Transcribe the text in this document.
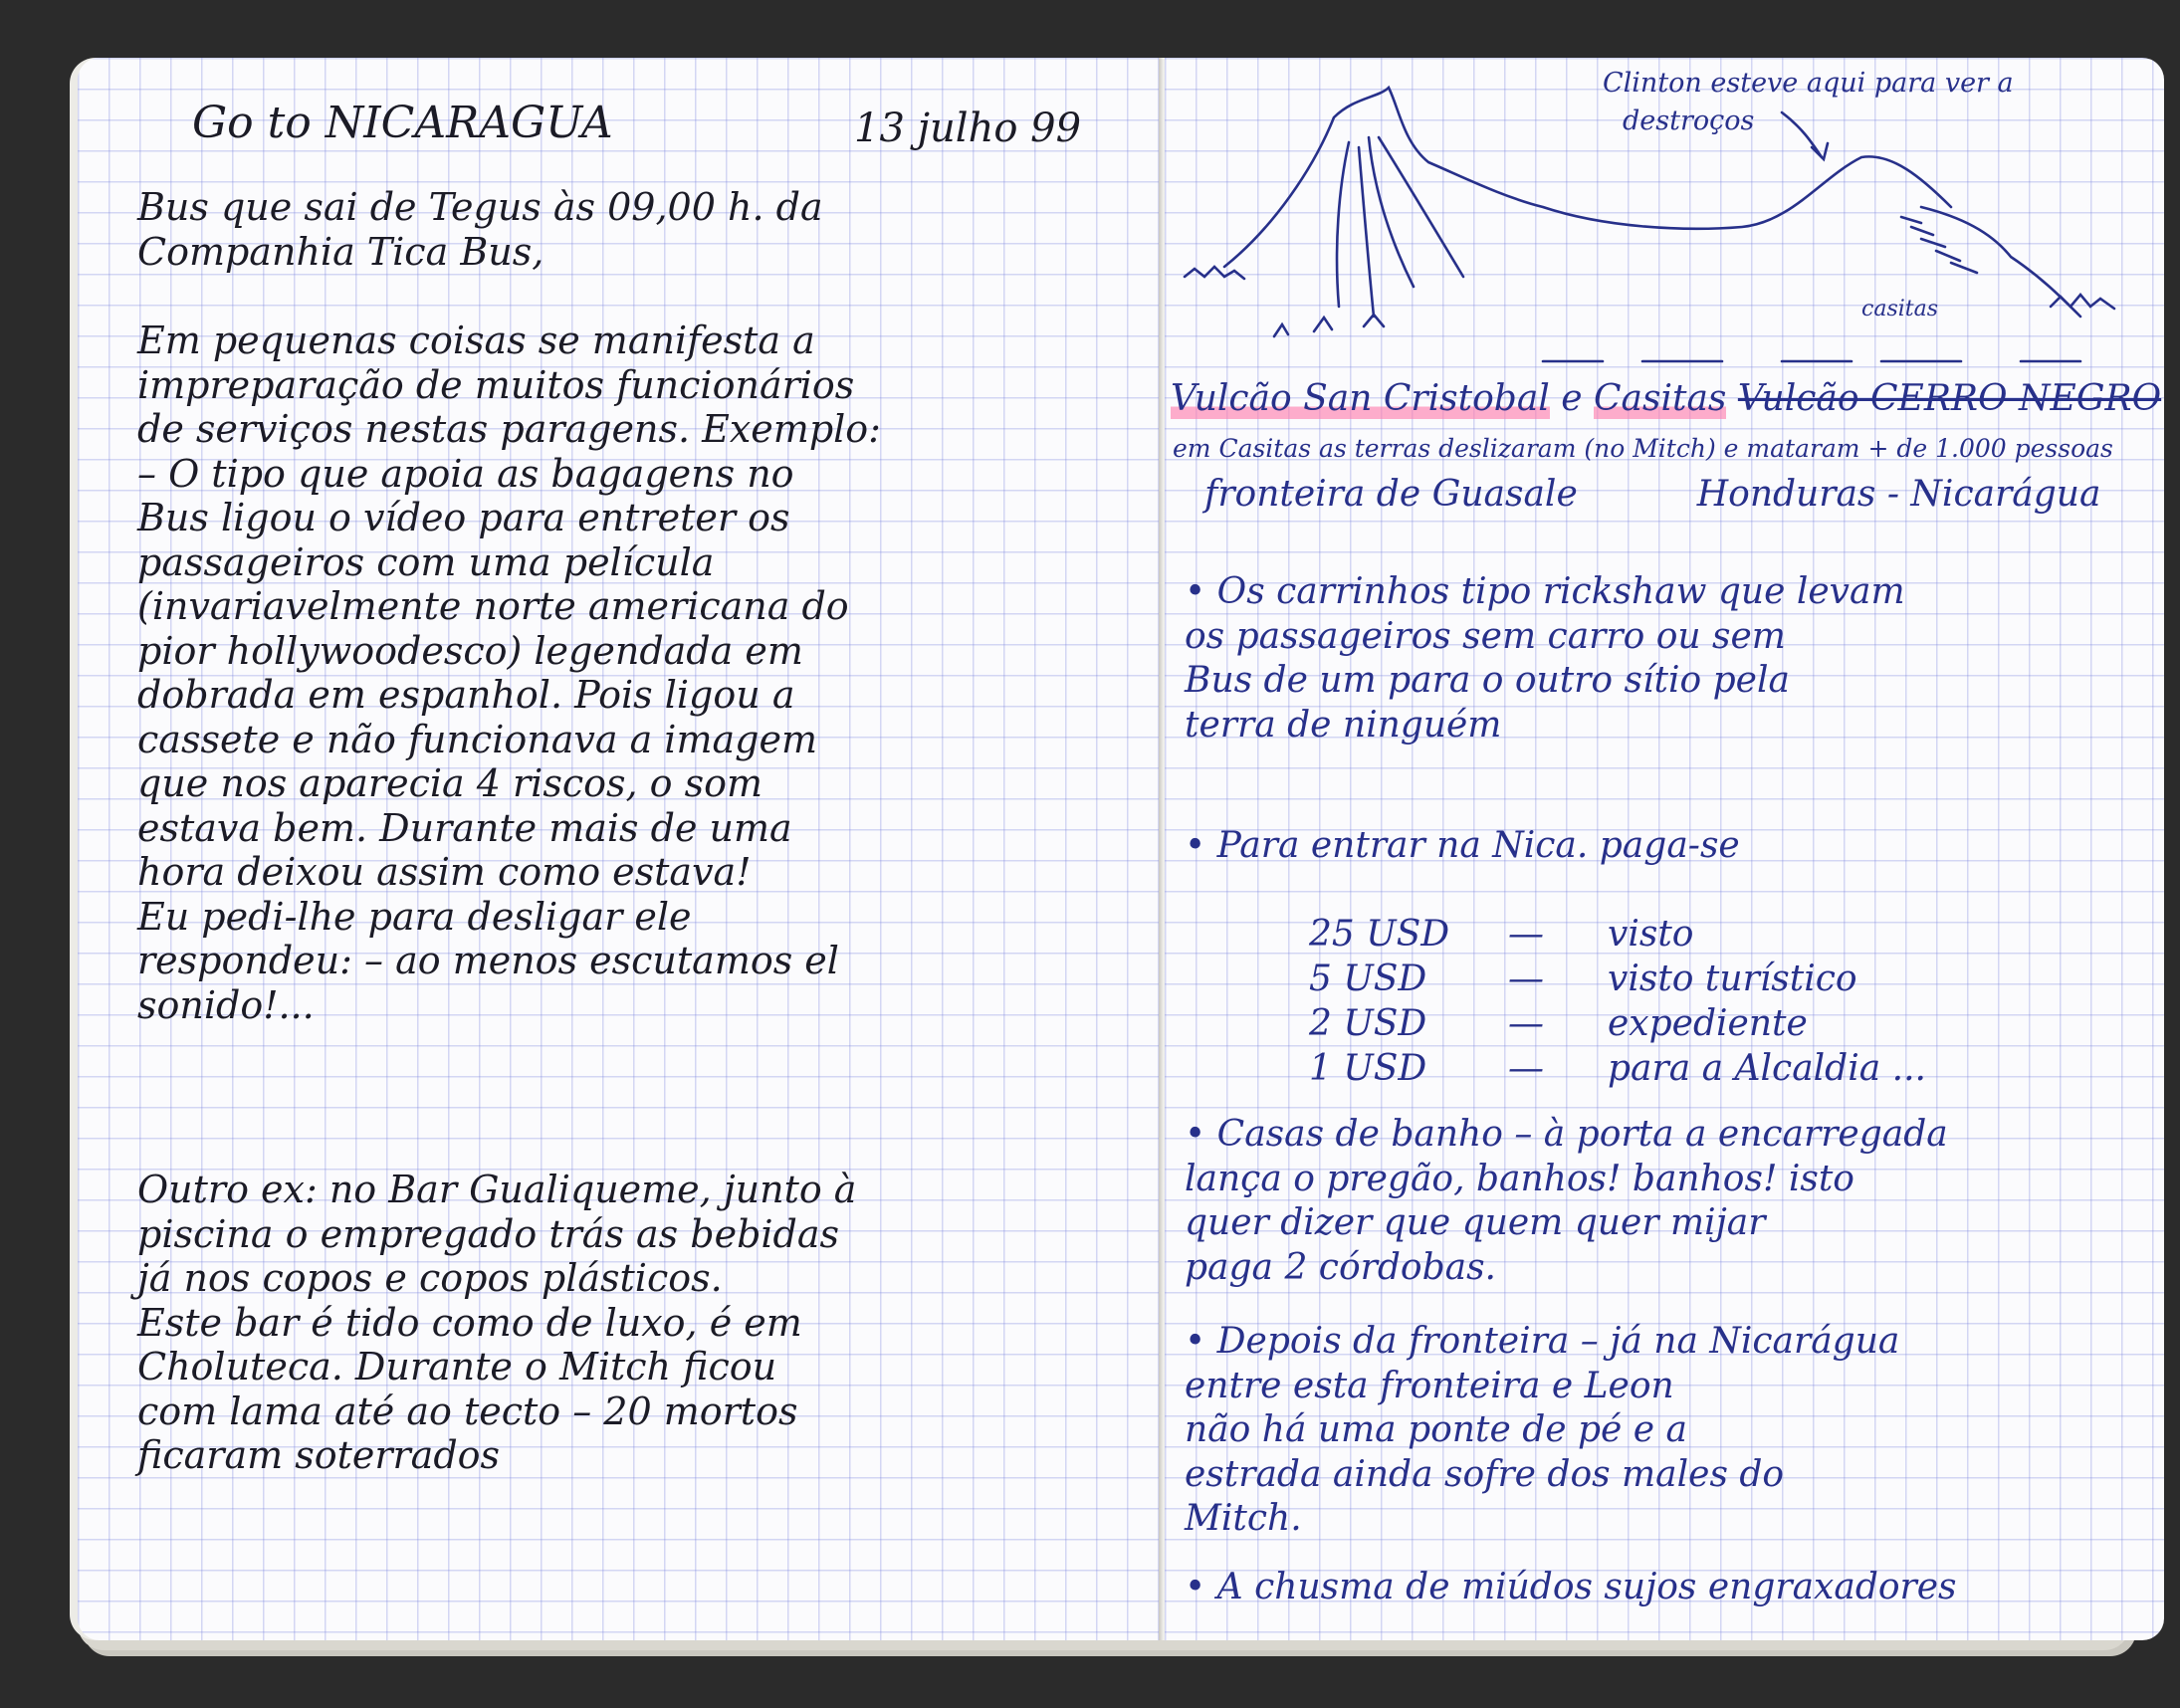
Go to NICARAGUA	13 julho 99

Bus que sai de Tegus às 09,00 h. da
Companhia Tica Bus,

Em pequenas coisas se manifesta a
impreparação de muitos funcionários
de serviços nestas paragens. Exemplo:
– O tipo que apoia as bagagens no
Bus ligou o vídeo para entreter os
passageiros com uma película
(invariavelmente norte americana do
pior hollywoodesco) legendada em
dobrada em espanhol. Pois ligou a
cassete e não funcionava a imagem
que nos aparecia 4 riscos, o som
estava bem. Durante mais de uma
hora deixou assim como estava!
Eu pedi-lhe para desligar ele
respondeu: – ao menos escutamos el
sonido!...

Outro ex: no Bar Gualiqueme, junto à
piscina o empregado trás as bebidas
já nos copos e copos plásticos.
Este bar é tido como de luxo, é em
Choluteca. Durante o Mitch ficou
com lama até ao tecto – 20 mortos
ficaram soterrados

Clinton esteve aqui para ver a
destroços
casitas
Vulcão San Cristobal e Casitas Vulcão CERRO NEGRO
em Casitas as terras deslizaram (no Mitch) e mataram + de 1.000 pessoas
fronteira de Guasale	Honduras - Nicarágua

• Os carrinhos tipo rickshaw que levam
os passageiros sem carro ou sem
Bus de um para o outro sítio pela
terra de ninguém

• Para entrar na Nica. paga-se

25 USD	—	visto
5 USD	—	visto turístico
2 USD	—	expediente
1 USD	—	para a Alcaldia ...

• Casas de banho – à porta a encarregada
lança o pregão, banhos! banhos! isto
quer dizer que quem quer mijar
paga 2 córdobas.

• Depois da fronteira – já na Nicarágua
entre esta fronteira e Leon
não há uma ponte de pé e a
estrada ainda sofre dos males do
Mitch.

• A chusma de miúdos sujos engraxadores
